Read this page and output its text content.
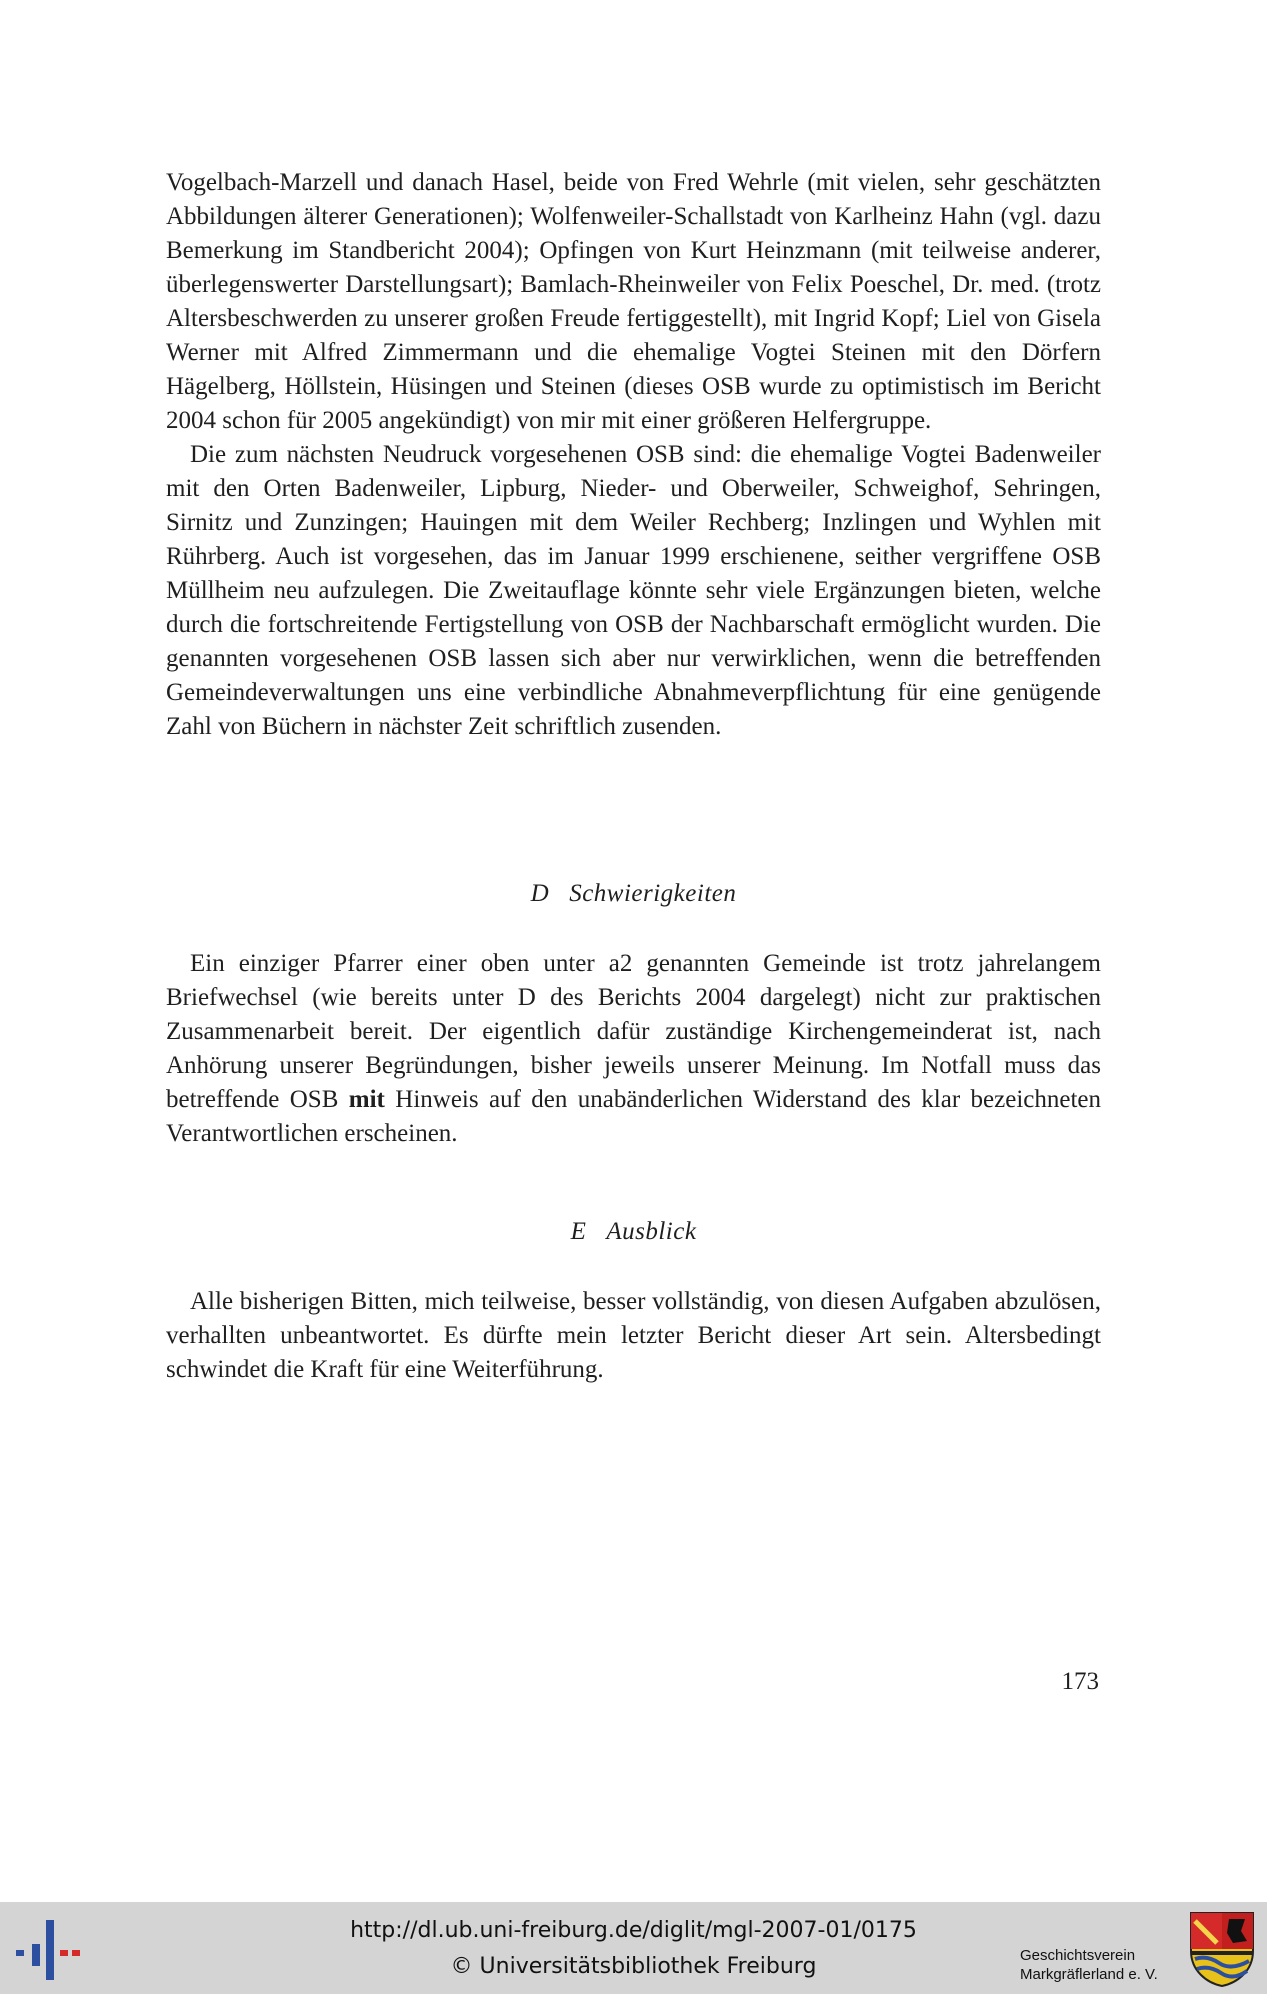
Vogelbach-Marzell und danach Hasel, beide von Fred Wehrle (mit vielen, sehr geschätzten Abbildungen älterer Generationen); Wolfenweiler-Schallstadt von Karlheinz Hahn (vgl. dazu Bemerkung im Standbericht 2004); Opfingen von Kurt Heinzmann (mit teilweise anderer, überlegenswerter Darstellungsart); Bamlach-Rheinweiler von Felix Poeschel, Dr. med. (trotz Altersbeschwerden zu unserer großen Freude fertiggestellt), mit Ingrid Kopf; Liel von Gisela Werner mit Alfred Zimmermann und die ehemalige Vogtei Steinen mit den Dörfern Hägelberg, Höllstein, Hüsingen und Steinen (dieses OSB wurde zu optimistisch im Bericht 2004 schon für 2005 angekündigt) von mir mit einer größeren Helfergruppe.

Die zum nächsten Neudruck vorgesehenen OSB sind: die ehemalige Vogtei Badenweiler mit den Orten Badenweiler, Lipburg, Nieder- und Oberweiler, Schweighof, Sehringen, Sirnitz und Zunzingen; Hauingen mit dem Weiler Rechberg; Inzlingen und Wyhlen mit Rührberg. Auch ist vorgesehen, das im Januar 1999 erschienene, seither vergriffene OSB Müllheim neu aufzulegen. Die Zweitauflage könnte sehr viele Ergänzungen bieten, welche durch die fortschreitende Fertigstellung von OSB der Nachbarschaft ermöglicht wurden. Die genannten vorgesehenen OSB lassen sich aber nur verwirklichen, wenn die betreffenden Gemeindeverwaltungen uns eine verbindliche Abnahmeverpflichtung für eine genügende Zahl von Büchern in nächster Zeit schriftlich zusenden.

D Schwierigkeiten

Ein einziger Pfarrer einer oben unter a2 genannten Gemeinde ist trotz jahrelangem Briefwechsel (wie bereits unter D des Berichts 2004 dargelegt) nicht zur praktischen Zusammenarbeit bereit. Der eigentlich dafür zuständige Kirchengemeinderat ist, nach Anhörung unserer Begründungen, bisher jeweils unserer Meinung. Im Notfall muss das betreffende OSB mit Hinweis auf den unabänderlichen Widerstand des klar bezeichneten Verantwortlichen erscheinen.

E Ausblick

Alle bisherigen Bitten, mich teilweise, besser vollständig, von diesen Aufgaben abzulösen, verhallten unbeantwortet. Es dürfte mein letzter Bericht dieser Art sein. Altersbedingt schwindet die Kraft für eine Weiterführung.

173
http://dl.ub.uni-freiburg.de/diglit/mgl-2007-01/0175
© Universitätsbibliothek Freiburg	Geschichtsverein
Markgräflerland e. V.
